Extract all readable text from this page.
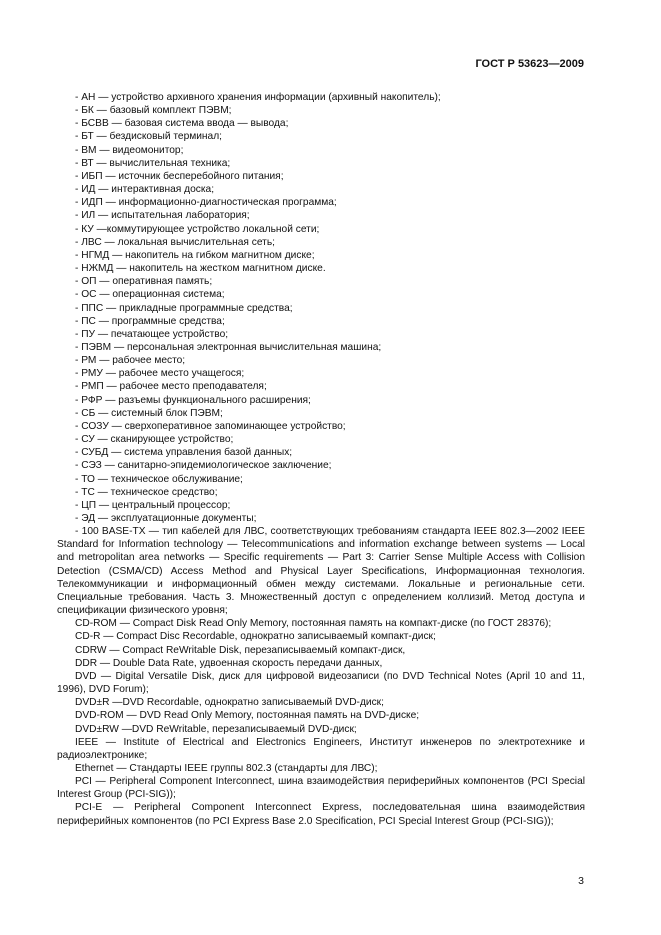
ГОСТ Р 53623—2009
- АН — устройство архивного хранения информации (архивный накопитель);
- БК — базовый комплект ПЭВМ;
- БСВВ — базовая система ввода — вывода;
- БТ — бездисковый терминал;
- ВМ — видеомонитор;
- ВТ — вычислительная техника;
- ИБП — источник бесперебойного питания;
- ИД — интерактивная доска;
- ИДП — информационно-диагностическая программа;
- ИЛ — испытательная лаборатория;
- КУ —коммутирующее устройство локальной сети;
- ЛВС — локальная вычислительная сеть;
- НГМД — накопитель на гибком магнитном диске;
- НЖМД — накопитель на жестком магнитном диске.
- ОП — оперативная память;
- ОС — операционная система;
- ППС — прикладные программные средства;
- ПС — программные средства;
- ПУ — печатающее устройство;
- ПЭВМ — персональная электронная вычислительная машина;
- РМ — рабочее место;
- РМУ — рабочее место учащегося;
- РМП — рабочее место преподавателя;
- РФР — разъемы функционального расширения;
- СБ — системный блок ПЭВМ;
- СОЗУ — сверхоперативное запоминающее устройство;
- СУ — сканирующее устройство;
- СУБД — система управления базой данных;
- СЭЗ — санитарно-эпидемиологическое заключение;
- ТО — техническое обслуживание;
- ТС — техническое средство;
- ЦП — центральный процессор;
- ЭД — эксплуатационные документы;
- 100 BASE-TX — тип кабелей для ЛВС, соответствующих требованиям стандарта IEEE 802.3—2002 IEEE Standard for Information technology — Telecommunications and information exchange between systems — Local and metropolitan area networks — Specific requirements — Part 3: Carrier Sense Multiple Access with Collision Detection (CSMA/CD) Access Method and Physical Layer Specifications, Информационная технология. Телекоммуникации и информационный обмен между системами. Локальные и региональные сети. Специальные требования. Часть 3. Множественный доступ с определением коллизий. Метод доступа и спецификации физического уровня;
CD-ROM — Compact Disk Read Only Memory, постоянная память на компакт-диске (по ГОСТ 28376);
CD-R — Compact Disc Recordable, однократно записываемый компакт-диск;
CDRW — Compact ReWritable Disk, перезаписываемый компакт-диск,
DDR — Double Data Rate, удвоенная скорость передачи данных,
DVD — Digital Versatile Disk, диск для цифровой видеозаписи (по DVD Technical Notes (April 10 and 11, 1996), DVD Forum);
DVD±R —DVD Recordable, однократно записываемый DVD-диск;
DVD-ROM — DVD Read Only Memory, постоянная память на DVD-диске;
DVD±RW —DVD ReWritable, перезаписываемый DVD-диск;
IEEE — Institute of Electrical and Electronics Engineers, Институт инженеров по электротехнике и радиоэлектронике;
Ethernet — Стандарты IEEE группы 802.3 (стандарты для ЛВС);
PCI — Peripheral Component Interconnect, шина взаимодействия периферийных компонентов (PCI Special Interest Group (PCI-SIG));
PCI-E — Peripheral Component Interconnect Express, последовательная шина взаимодействия периферийных компонентов (по PCI Express Base 2.0 Specification, PCI Special Interest Group (PCI-SIG));
3
